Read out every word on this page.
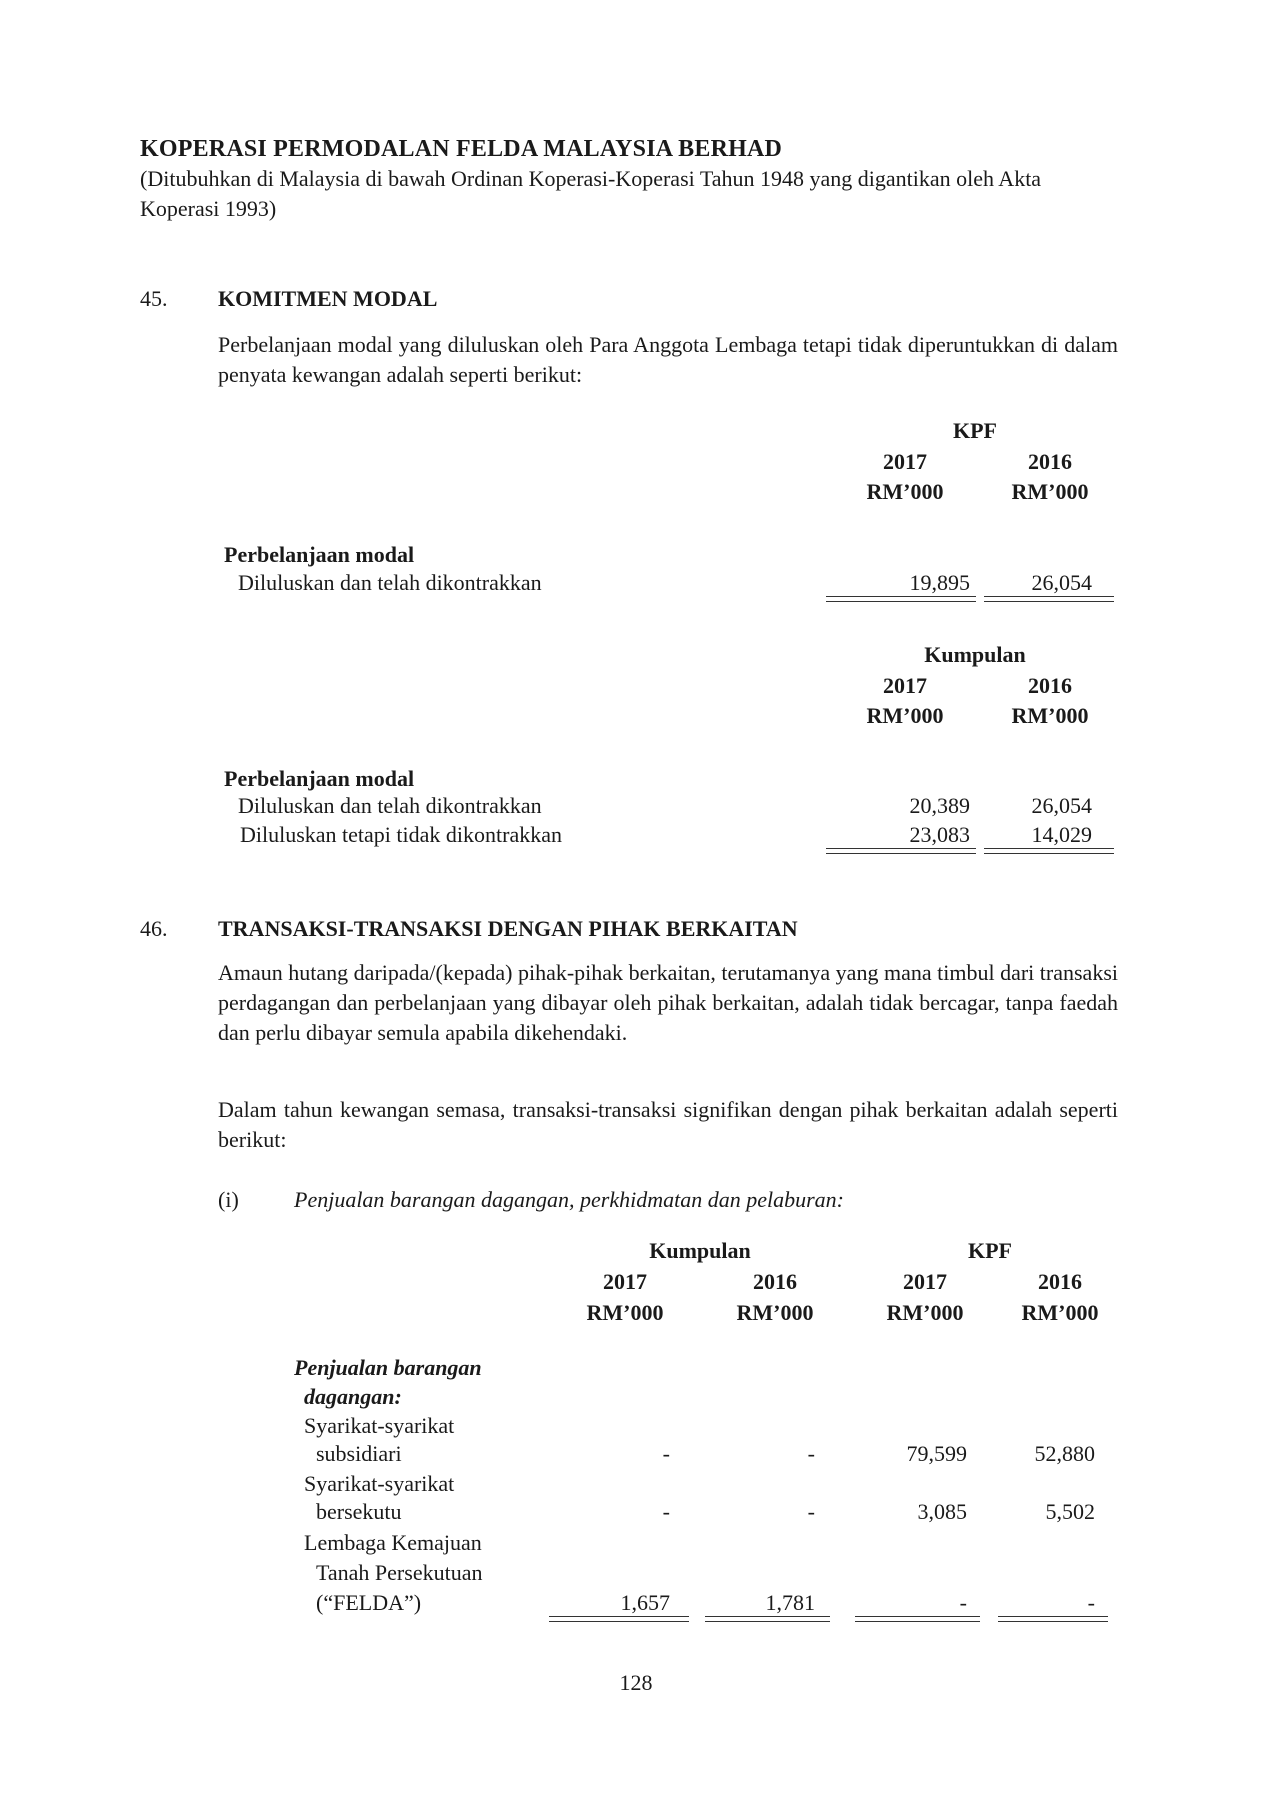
KOPERASI PERMODALAN FELDA MALAYSIA BERHAD
(Ditubuhkan di Malaysia di bawah Ordinan Koperasi-Koperasi Tahun 1948 yang digantikan oleh Akta Koperasi 1993)
45. KOMITMEN MODAL
Perbelanjaan modal yang diluluskan oleh Para Anggota Lembaga tetapi tidak diperuntukkan di dalam penyata kewangan adalah seperti berikut:
KPF
2017	2016
RM’000	RM’000
Perbelanjaan modal
Diluluskan dan telah dikontrakkan	19,895	26,054
Kumpulan
2017	2016
RM’000	RM’000
Perbelanjaan modal
Diluluskan dan telah dikontrakkan	20,389	26,054
Diluluskan tetapi tidak dikontrakkan	23,083	14,029
46. TRANSAKSI-TRANSAKSI DENGAN PIHAK BERKAITAN
Amaun hutang daripada/(kepada) pihak-pihak berkaitan, terutamanya yang mana timbul dari transaksi perdagangan dan perbelanjaan yang dibayar oleh pihak berkaitan, adalah tidak bercagar, tanpa faedah dan perlu dibayar semula apabila dikehendaki.
Dalam tahun kewangan semasa, transaksi-transaksi signifikan dengan pihak berkaitan adalah seperti berikut:
(i)	Penjualan barangan dagangan, perkhidmatan dan pelaburan:
Kumpulan	KPF
2017	2016	2017	2016
RM’000	RM’000	RM’000	RM’000
Penjualan barangan
dagangan:
Syarikat-syarikat
subsidiari	-	-	79,599	52,880
Syarikat-syarikat
bersekutu	-	-	3,085	5,502
Lembaga Kemajuan
Tanah Persekutuan
(“FELDA”)	1,657	1,781	-	-
128
